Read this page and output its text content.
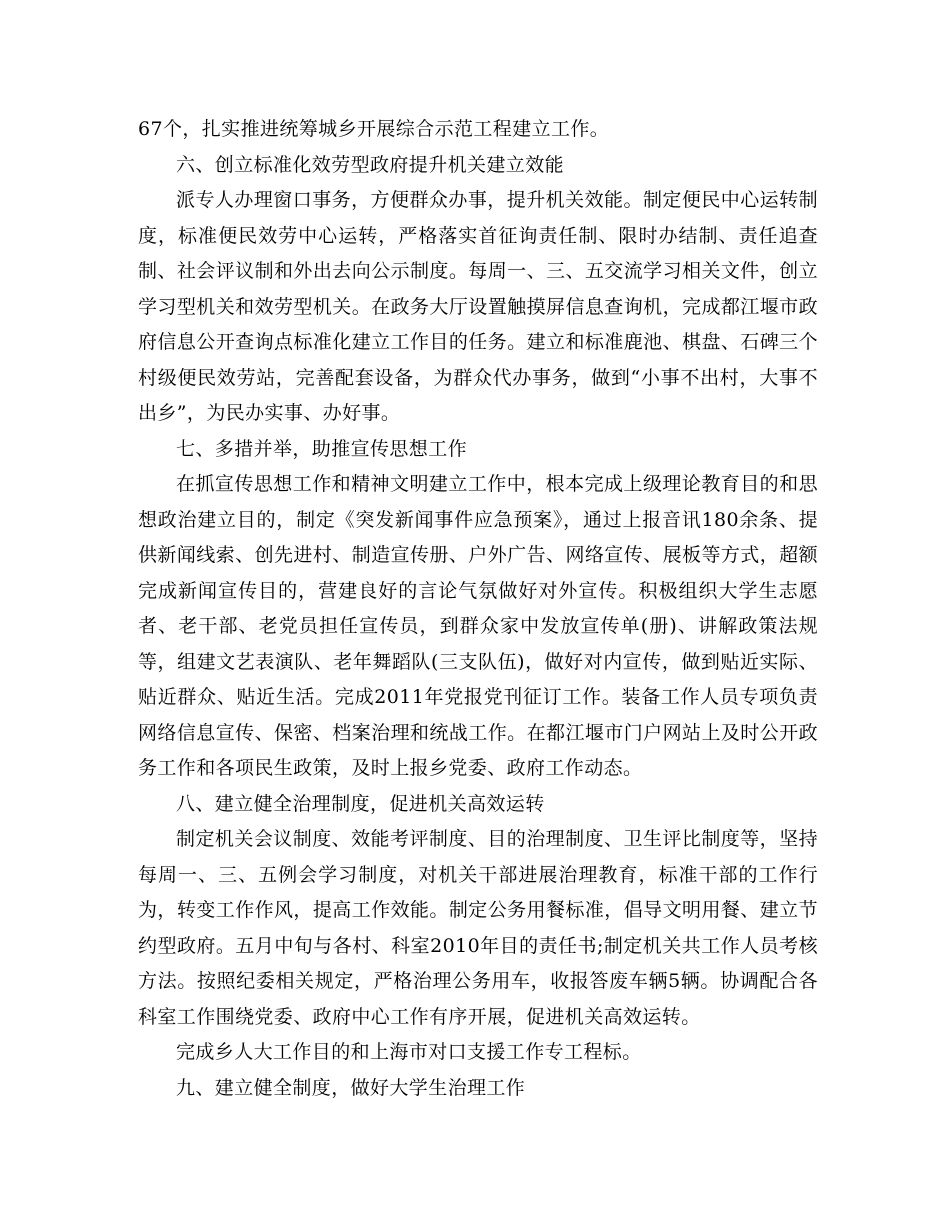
67个，扎实推进统筹城乡开展综合示范工程建立工作。

六、创立标准化效劳型政府提升机关建立效能

派专人办理窗口事务，方便群众办事，提升机关效能。制定便民中心运转制度，标准便民效劳中心运转，严格落实首征询责任制、限时办结制、责任追查制、社会评议制和外出去向公示制度。每周一、三、五交流学习相关文件，创立学习型机关和效劳型机关。在政务大厅设置触摸屏信息查询机，完成都江堰市政府信息公开查询点标准化建立工作目的任务。建立和标准鹿池、棋盘、石碑三个村级便民效劳站，完善配套设备，为群众代办事务，做到“小事不出村，大事不出乡”，为民办实事、办好事。

七、多措并举，助推宣传思想工作

在抓宣传思想工作和精神文明建立工作中，根本完成上级理论教育目的和思想政治建立目的，制定《突发新闻事件应急预案》，通过上报音讯180余条、提供新闻线索、创先进村、制造宣传册、户外广告、网络宣传、展板等方式，超额完成新闻宣传目的，营建良好的言论气氛做好对外宣传。积极组织大学生志愿者、老干部、老党员担任宣传员，到群众家中发放宣传单(册)、讲解政策法规等，组建文艺表演队、老年舞蹈队(三支队伍)，做好对内宣传，做到贴近实际、贴近群众、贴近生活。完成2011年党报党刊征订工作。装备工作人员专项负责网络信息宣传、保密、档案治理和统战工作。在都江堰市门户网站上及时公开政务工作和各项民生政策，及时上报乡党委、政府工作动态。

八、建立健全治理制度，促进机关高效运转

制定机关会议制度、效能考评制度、目的治理制度、卫生评比制度等，坚持每周一、三、五例会学习制度，对机关干部进展治理教育，标准干部的工作行为，转变工作作风，提高工作效能。制定公务用餐标准，倡导文明用餐、建立节约型政府。五月中旬与各村、科室2010年目的责任书;制定机关共工作人员考核方法。按照纪委相关规定，严格治理公务用车，收报答废车辆5辆。协调配合各科室工作围绕党委、政府中心工作有序开展，促进机关高效运转。

完成乡人大工作目的和上海市对口支援工作专工程标。

九、建立健全制度，做好大学生治理工作
